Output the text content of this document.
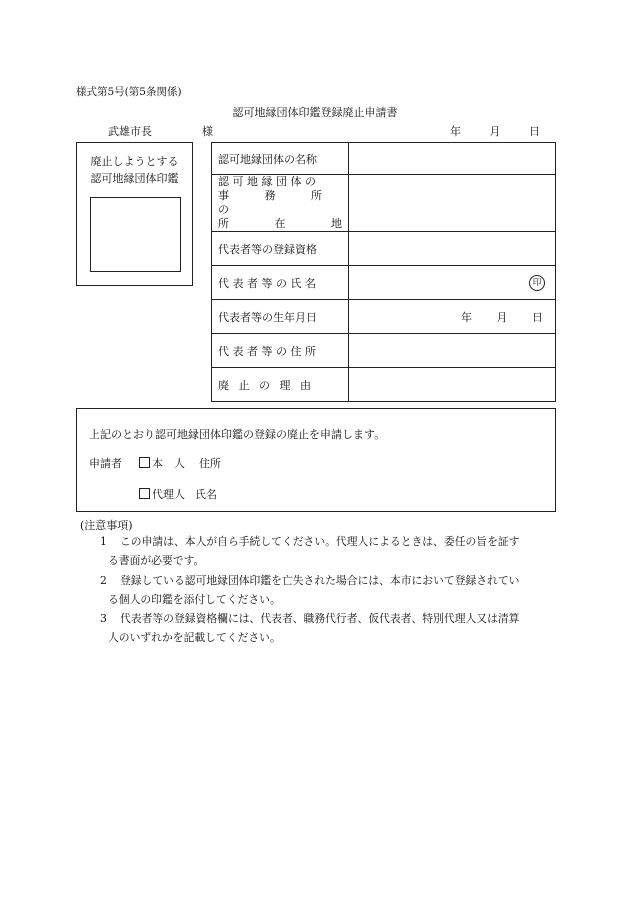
様式第5号(第5条関係)
認可地縁団体印鑑登録廃止申請書
武雄市長	様	年	月	日
廃止しようとする
認可地縁団体印鑑
認可地縁団体の名称	

認 可 地 縁 団 体 の
事 務 所 の
所 在 地	

代表者等の登録資格	
代 表 者 等 の 氏 名	印

代表者等の生年月日	年 月 日

代 表 者 等 の 住 所	
廃 止 の 理 由	
上記のとおり認可地縁団体印鑑の登録の廃止を申請します。
申請者	本　人 住所
代理人 氏名
(注意事項)
1	この申請は、本人が自ら手続してください。代理人によるときは、委任の旨を証す
る書面が必要です。
2	登録している認可地縁団体印鑑を亡失された場合には、本市において登録されてい
る個人の印鑑を添付してください。
3	代表者等の登録資格欄には、代表者、職務代行者、仮代表者、特別代理人又は清算
人のいずれかを記載してください。
